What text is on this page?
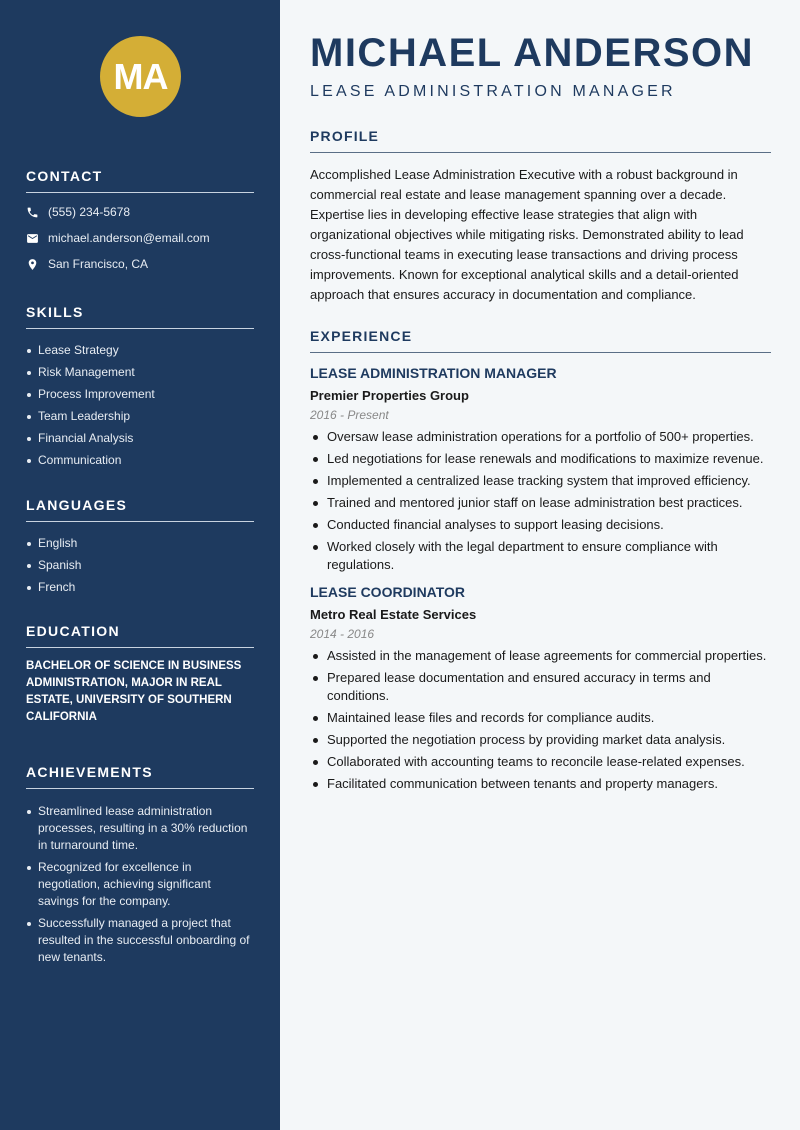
MA
CONTACT
(555) 234-5678
michael.anderson@email.com
San Francisco, CA
SKILLS
Lease Strategy
Risk Management
Process Improvement
Team Leadership
Financial Analysis
Communication
LANGUAGES
English
Spanish
French
EDUCATION
BACHELOR OF SCIENCE IN BUSINESS ADMINISTRATION, MAJOR IN REAL ESTATE, UNIVERSITY OF SOUTHERN CALIFORNIA
ACHIEVEMENTS
Streamlined lease administration processes, resulting in a 30% reduction in turnaround time.
Recognized for excellence in negotiation, achieving significant savings for the company.
Successfully managed a project that resulted in the successful onboarding of new tenants.
MICHAEL ANDERSON
LEASE ADMINISTRATION MANAGER
PROFILE

Accomplished Lease Administration Executive with a robust background in commercial real estate and lease management spanning over a decade. Expertise lies in developing effective lease strategies that align with organizational objectives while mitigating risks. Demonstrated ability to lead cross-functional teams in executing lease transactions and driving process improvements. Known for exceptional analytical skills and a detail-oriented approach that ensures accuracy in documentation and compliance.

EXPERIENCE
LEASE ADMINISTRATION MANAGER
Premier Properties Group
2016 - Present
Oversaw lease administration operations for a portfolio of 500+ properties.
Led negotiations for lease renewals and modifications to maximize revenue.
Implemented a centralized lease tracking system that improved efficiency.
Trained and mentored junior staff on lease administration best practices.
Conducted financial analyses to support leasing decisions.
Worked closely with the legal department to ensure compliance with regulations.
LEASE COORDINATOR
Metro Real Estate Services
2014 - 2016
Assisted in the management of lease agreements for commercial properties.
Prepared lease documentation and ensured accuracy in terms and conditions.
Maintained lease files and records for compliance audits.
Supported the negotiation process by providing market data analysis.
Collaborated with accounting teams to reconcile lease-related expenses.
Facilitated communication between tenants and property managers.
